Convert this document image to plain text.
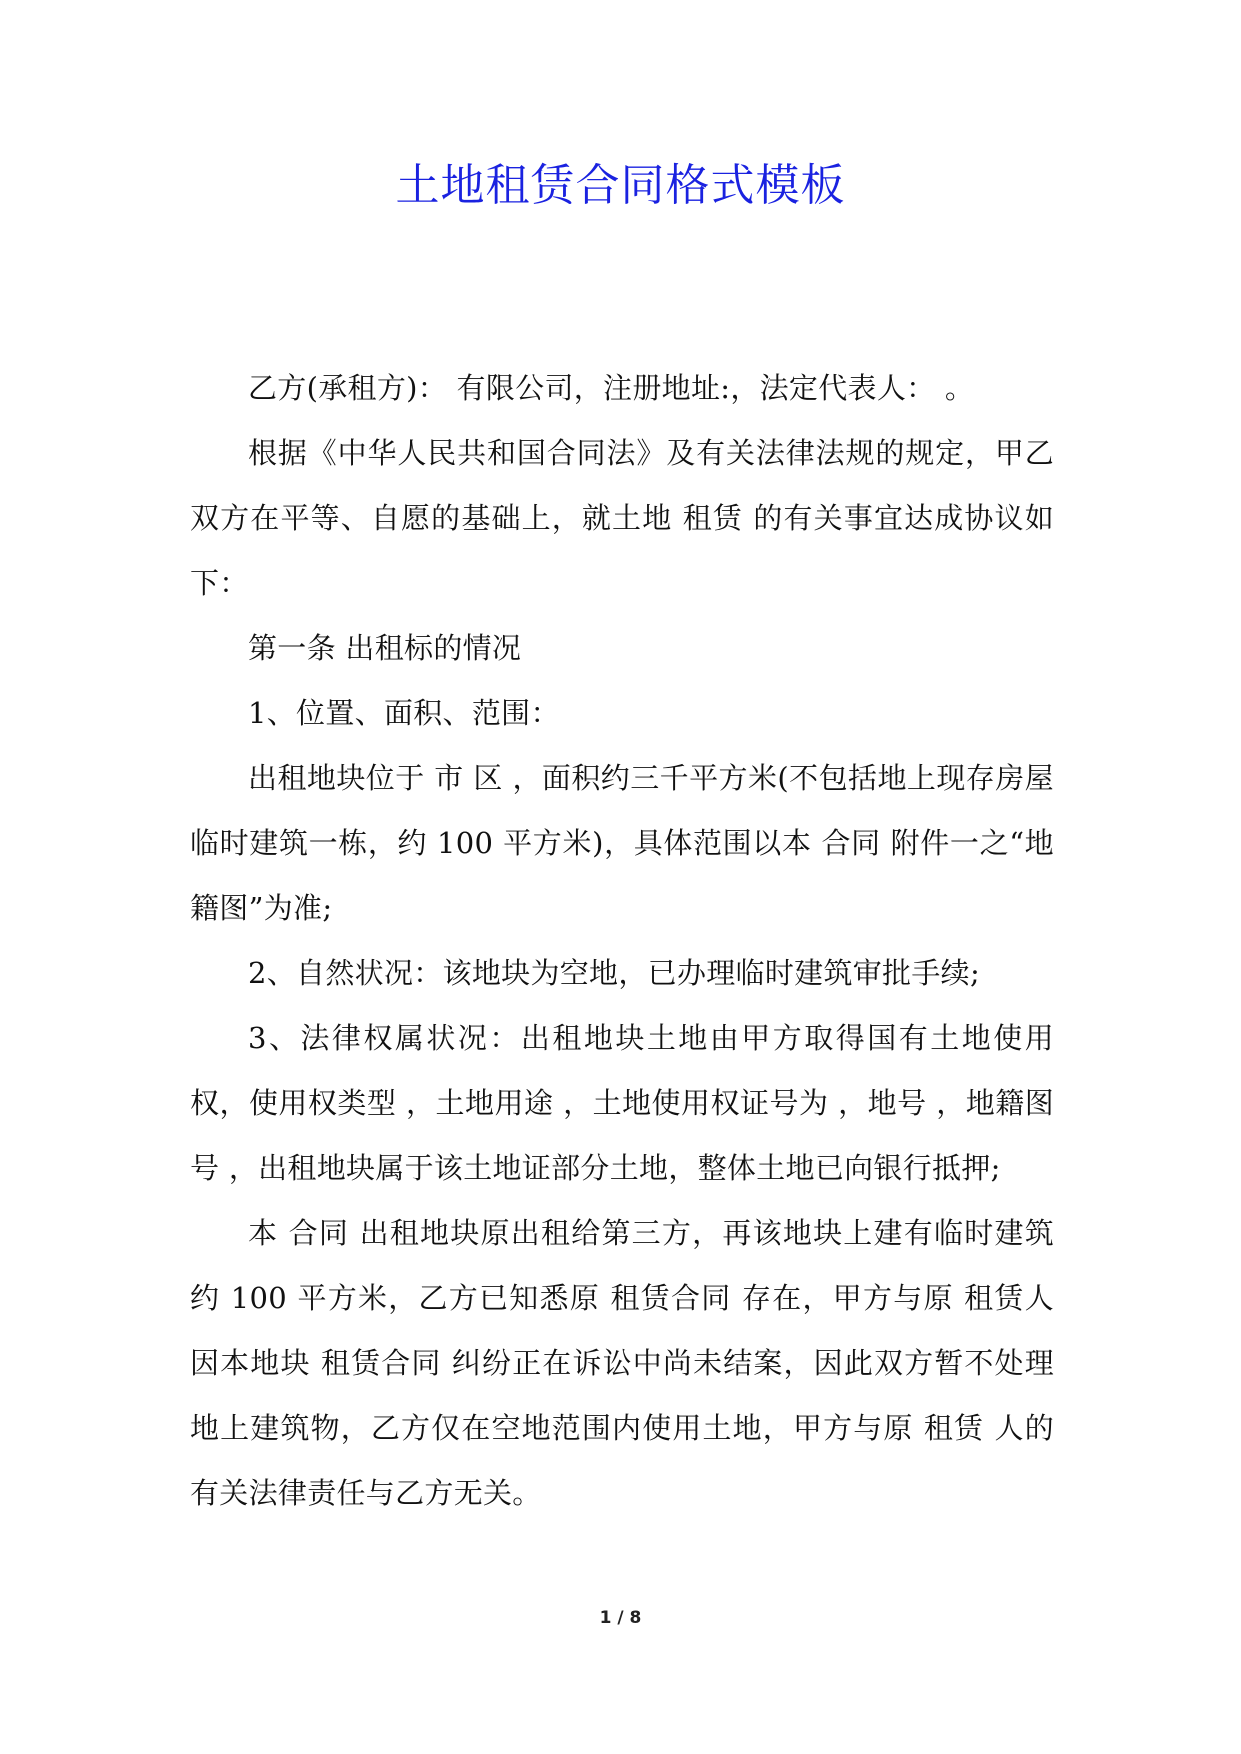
土地租赁合同格式模板

乙方(承租方)： 有限公司，注册地址:，法定代表人： 。

根据《中华人民共和国合同法》及有关法律法规的规定，甲乙双方在平等、自愿的基础上，就土地 租赁 的有关事宜达成协议如下：

第一条 出租标的情况

1、位置、面积、范围：

出租地块位于 市 区 ，面积约三千平方米(不包括地上现存房屋临时建筑一栋，约 100 平方米)，具体范围以本 合同 附件一之“地籍图”为准;

2、自然状况：该地块为空地，已办理临时建筑审批手续;

3、法律权属状况：出租地块土地由甲方取得国有土地使用权，使用权类型 ，土地用途 ，土地使用权证号为 ，地号 ，地籍图号 ，出租地块属于该土地证部分土地，整体土地已向银行抵押;

本 合同 出租地块原出租给第三方，再该地块上建有临时建筑约 100 平方米，乙方已知悉原 租赁合同 存在，甲方与原 租赁人因本地块 租赁合同 纠纷正在诉讼中尚未结案，因此双方暂不处理地上建筑物，乙方仅在空地范围内使用土地，甲方与原 租赁 人的有关法律责任与乙方无关。

1 / 8
